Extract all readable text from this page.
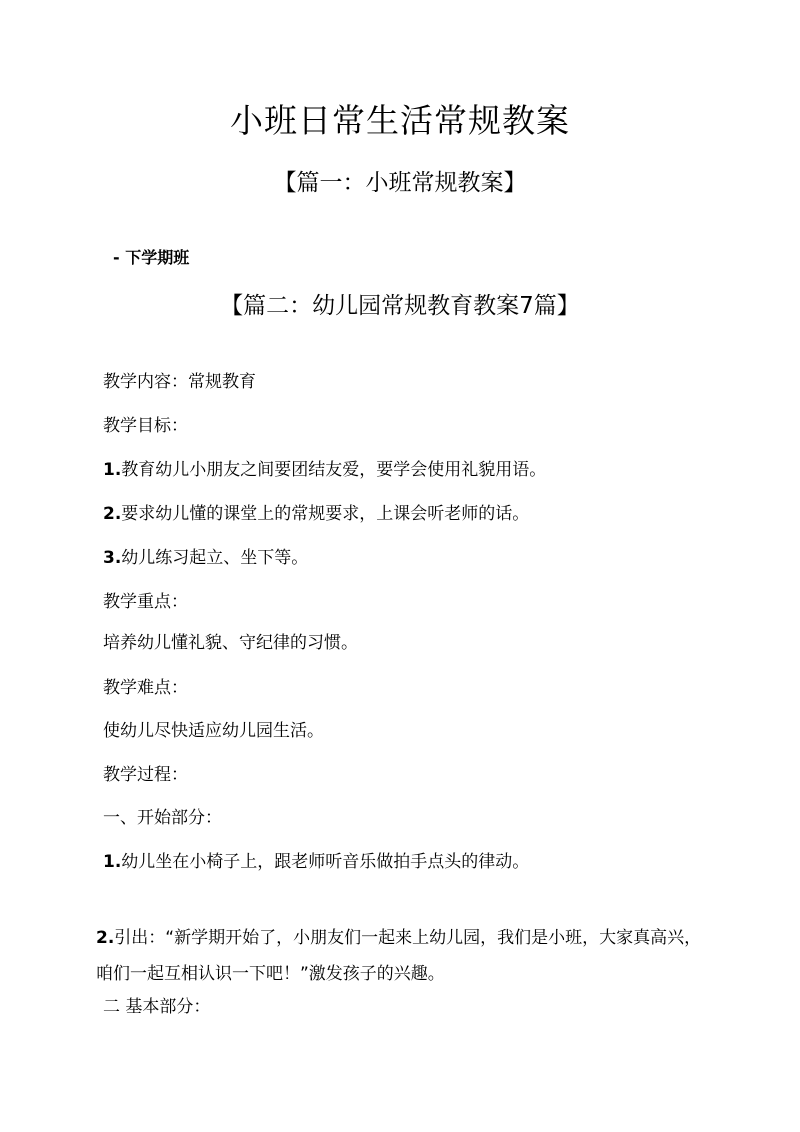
小班日常生活常规教案
【篇一：小班常规教案】

- 下学期班

【篇二：幼儿园常规教育教案7篇】

教学内容：常规教育

教学目标：

1.教育幼儿小朋友之间要团结友爱，要学会使用礼貌用语。

2.要求幼儿懂的课堂上的常规要求，上课会听老师的话。

3.幼儿练习起立、坐下等。

教学重点：

培养幼儿懂礼貌、守纪律的习惯。

教学难点：

使幼儿尽快适应幼儿园生活。

教学过程：

一、开始部分：

1.幼儿坐在小椅子上，跟老师听音乐做拍手点头的律动。

2.引出：“新学期开始了，小朋友们一起来上幼儿园，我们是小班，大家真高兴，咱们一起互相认识一下吧！”激发孩子的兴趣。

二 基本部分：
